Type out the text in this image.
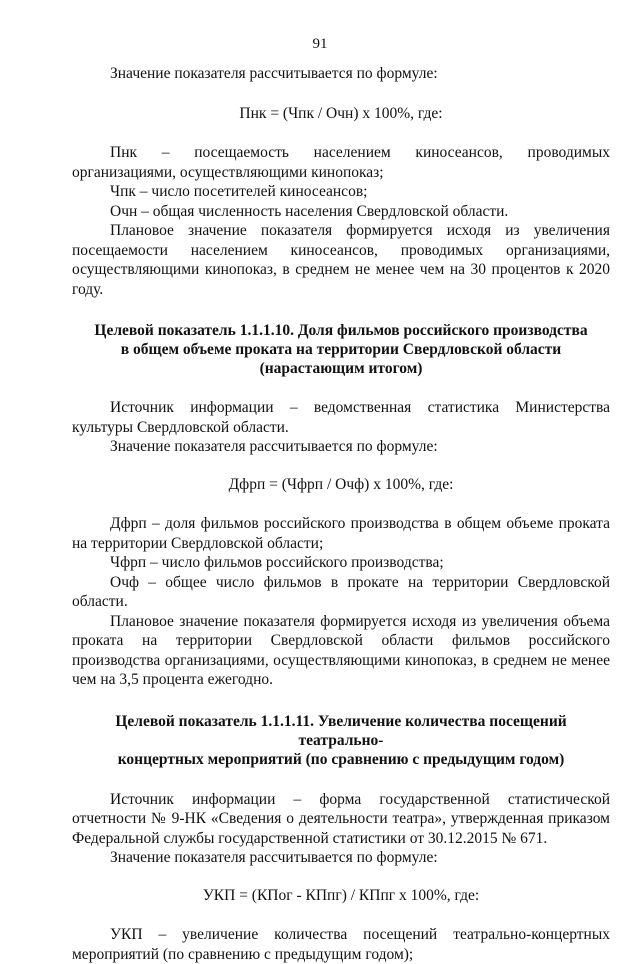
91

Значение показателя рассчитывается по формуле:

Пнк = (Чпк / Очн) x 100%, где:

Пнк – посещаемость населением киносеансов, проводимых организациями, осуществляющими кинопоказ;

Чпк – число посетителей киносеансов;

Очн – общая численность населения Свердловской области.

Плановое значение показателя формируется исходя из увеличения посещаемости населением киносеансов, проводимых организациями, осуществляющими кинопоказ, в среднем не менее чем на 30 процентов к 2020 году.

Целевой показатель 1.1.1.10. Доля фильмов российского производства
в общем объеме проката на территории Свердловской области
(нарастающим итогом)

Источник информации – ведомственная статистика Министерства культуры Свердловской области.

Значение показателя рассчитывается по формуле:

Дфрп = (Чфрп / Очф) x 100%, где:

Дфрп – доля фильмов российского производства в общем объеме проката на территории Свердловской области;

Чфрп – число фильмов российского производства;

Очф – общее число фильмов в прокате на территории Свердловской области.

Плановое значение показателя формируется исходя из увеличения объема проката на территории Свердловской области фильмов российского производства организациями, осуществляющими кинопоказ, в среднем не менее чем на 3,5 процента ежегодно.

Целевой показатель 1.1.1.11. Увеличение количества посещений театрально-
концертных мероприятий (по сравнению с предыдущим годом)

Источник информации – форма государственной статистической отчетности № 9-НК «Сведения о деятельности театра», утвержденная приказом Федеральной службы государственной статистики от 30.12.2015 № 671.

Значение показателя рассчитывается по формуле:

УКП = (КПог - КПпг) / КПпг x 100%, где:

УКП – увеличение количества посещений театрально-концертных мероприятий (по сравнению с предыдущим годом);
